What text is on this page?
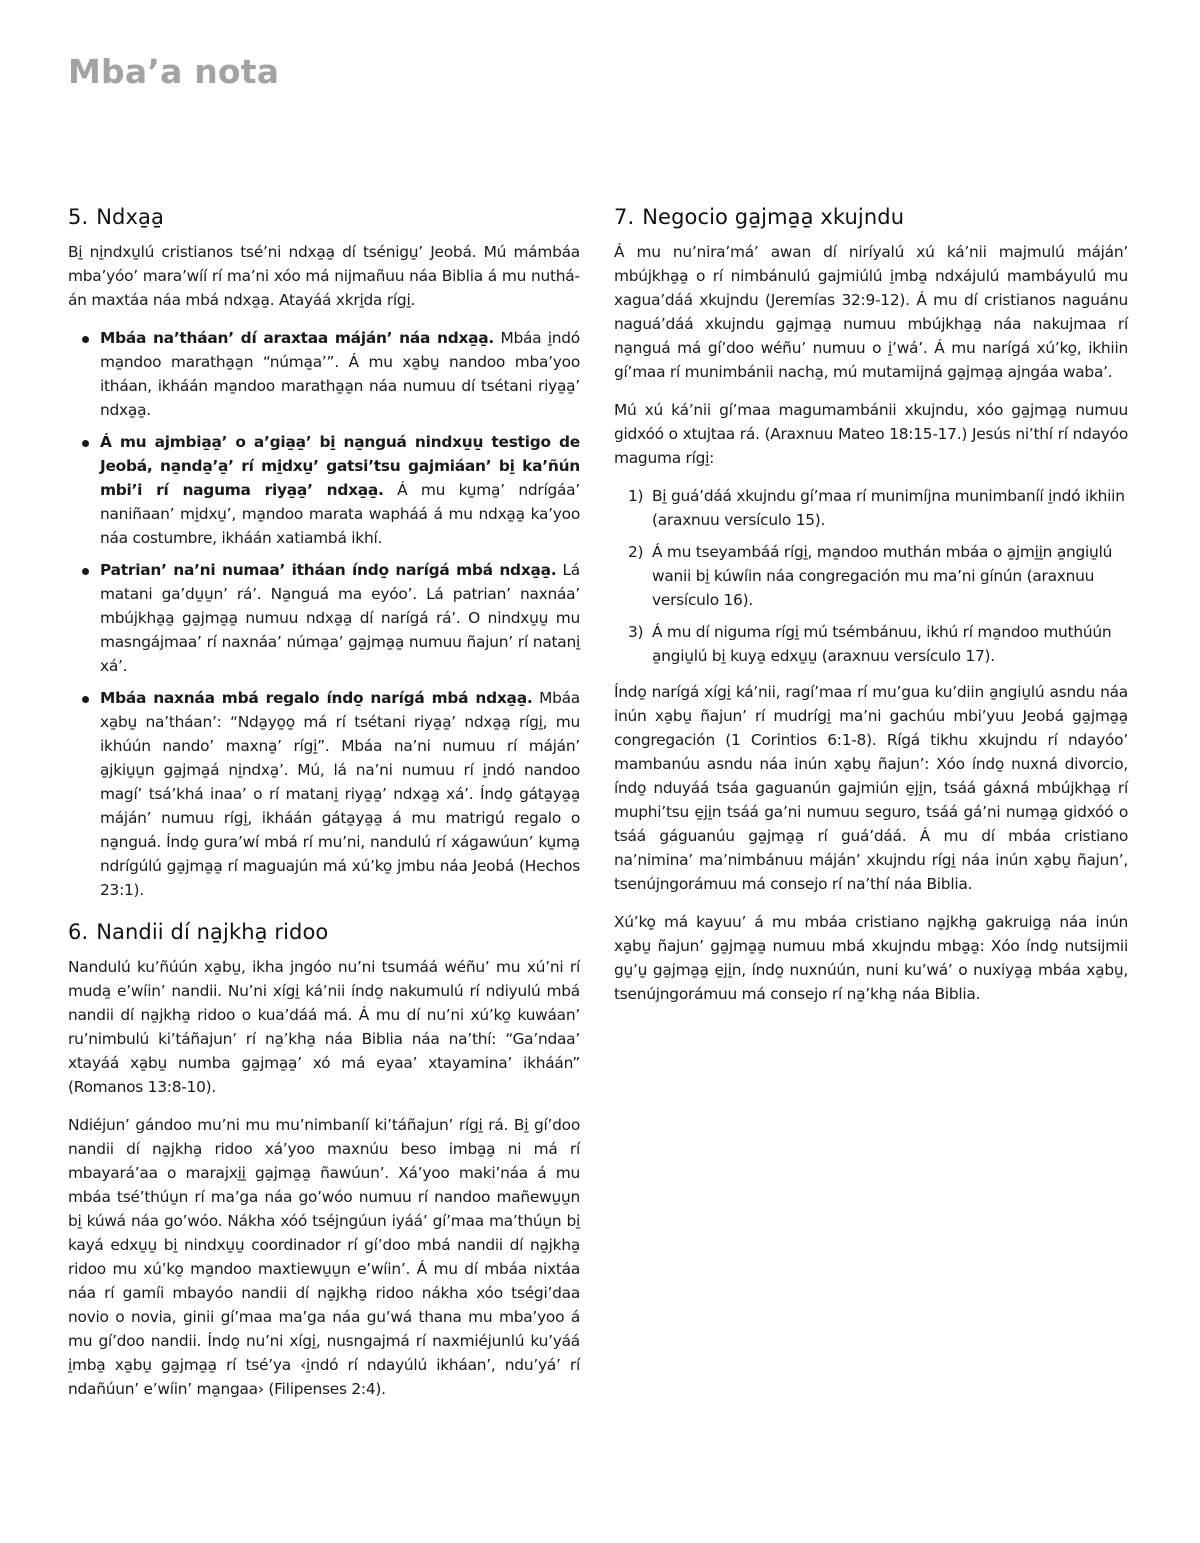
Mba’a nota
5. Ndxa̱a̱

Bi̱ ni̱ndxu̱lú cristianos tsé’ni ndxa̱a̱ dí tsénigu̱’ Jeobá. Mú mámbáa mba’yóo’ mara’wíí rí ma’ni xóo má nijmañuu náa Biblia á mu nutháán maxtáa náa mbá ndxa̱a̱. Atayáá xkri̱da rígi̱.

Mbáa na’tháan’ dí araxtaa máján’ náa ndxa̱a̱. Mbáa i̱ndó ma̱ndoo maratha̱a̱n “númа̱a’”. Á mu xa̱bu̱ nandoo mba’yoo itháan, ikháán ma̱ndoo maratha̱a̱n náa numuu dí tsétani riya̱a̱’ ndxa̱a̱.
Á mu ajmbia̱a̱’ o a’gia̱a̱’ bi̱ na̱nguá nindxu̱u̱ testigo de Jeobá, na̱nda̱’a̱’ rí mi̱dxu̱’ gatsi’tsu gajmiáan’ bi̱ ka’ñún mbi’i rí naguma riya̱a̱’ ndxa̱a̱. Á mu ku̱ma̱’ ndrígáa’ naniñaan’ mi̱dxu̱’, ma̱ndoo marata wapháá á mu ndxa̱a̱ ka’yoo náa costumbre, ikháán xatiambá ikhí.
Patrian’ na’ni numaa’ itháan índo̱ narígá mbá ndxa̱a̱. Lá matani ga’du̱u̱n’ rá’. Na̱nguá ma eyóo’. Lá patrian’ naxnáa’ mbújkha̱a̱ ga̱jma̱a̱ numuu ndxa̱a̱ dí narígá rá’. O nindxu̱u̱ mu masngájmaa’ rí naxnáa’ númа̱a’ ga̱jma̱a̱ numuu ñajun’ rí natani̱ xá’.
Mbáa naxnáa mbá regalo índo̱ narígá mbá ndxa̱a̱. Mbáa xa̱bu̱ na’tháan’: “Nda̱yo̱o̱ má rí tsétani riya̱a̱’ ndxa̱a̱ rígi̱, mu ikhúún nando’ maxna̱’ rígi̱”. Mbáa na’ni numuu rí máján’ a̱jkiu̱u̱n ga̱jma̱á ni̱ndxa̱’. Mú, lá na’ni numuu rí i̱ndó nandoo magí’ tsá’khá inaa’ o rí matani̱ riya̱a̱’ ndxa̱a̱ xá’. Índo̱ gáta̱ya̱a̱ máján’ numuu rígi̱, ikháán gáta̱ya̱a̱ á mu matrigú regalo o na̱nguá. Índo̱ gura’wí mbá rí mu’ni, nandulú rí xágawúun’ ku̱ma̱ ndrígúlú ga̱jma̱a̱ rí maguajún má xú’ko̱ jmbu náa Jeobá (Hechos 23:1).
6. Nandii dí na̱jkha̱ ridoo

Nandulú ku’ñúún xa̱bu̱, ikha jngóo nu’ni tsumáá wéñu’ mu xú’ni rí mudа̱ e’wíin’ nandii. Nu’ni xígi̱ ká’nii índo̱ nakumulú rí ndiyulú mbá nandii dí na̱jkha̱ ridoo o kua’dáá má. Á mu dí nu’ni xú’ko̱ kuwáan’ ru’nimbulú ki’táñajun’ rí na̱’kha̱ náa Biblia náa na’thí: “Ga’ndaa’ xtayáá xa̱bu̱ numba ga̱jma̱a̱’ xó má eyaa’ xtayamina’ ikháán” (Romanos 13:8-10).

Ndiéjun’ gándoo mu’ni mu mu’nimbaníí ki’táñajun’ rígi̱ rá. Bi̱ gí’doo nandii dí na̱jkha̱ ridoo xá’yoo maxnúu beso imba̱a̱ ni má rí mbayará’aa o marajxi̱i̱ ga̱jma̱a̱ ñawúun’. Xá’yoo maki’náa á mu mbáa tsé’thúu̱n rí ma’ga náa go’wóo numuu rí nandoo mañewu̱u̱n bi̱ kúwá náa go’wóo. Nákha xóó tséjngúun iyáá’ gí’maa ma’thúu̱n bi̱ kayá edxu̱u̱ bi̱ nindxu̱u̱ coordinador rí gí’doo mbá nandii dí na̱jkha̱ ridoo mu xú’ko̱ ma̱ndoo maxtiewu̱u̱n e’wíin’. Á mu dí mbáa nixtáa náa rí gamíi mbayóo nandii dí na̱jkha̱ ridoo nákha xóo tségi’daa novio o novia, ginii gí’maa ma’ga náa gu’wá thana mu mba’yoo á mu gí’doo nandii. Índo̱ nu’ni xígi̱, nusngajmá rí naxmiéjunlú ku’yáá i̱mba̱ xa̱bu̱ ga̱jma̱a̱ rí tsé’ya ‹i̱ndó rí ndayúlú ikháan’, ndu’yá’ rí ndañúun’ e’wíin’ ma̱ngaa› (Filipenses 2:4).

7. Negocio ga̱jma̱a̱ xkujndu

Á mu nu’nira’má’ awan dí niríyalú xú ká’nii majmulú máján’ mbújkha̱a̱ o rí nimbánulú gajmiúlú i̱mba̱ ndxájulú mambáyulú mu xagua’dáá xkujndu (Jeremías 32:9-12). Á mu dí cristianos naguánu naguá’dáá xkujndu ga̱jma̱a̱ numuu mbújkha̱a̱ náa nakujmaa rí na̱nguá má gí’doo wéñu’ numuu o i̱’wá’. Á mu narígá xú’ko̱, ikhiin gí’maa rí munimbánii nacha̱, mú mutamijná ga̱jma̱a̱ ajngáa waba’.

Mú xú ká’nii gí’maa magumambánii xkujndu, xóo ga̱jma̱a̱ numuu gidxóó o xtujtaa rá. (Araxnuu Mateo 18:15-17.) Jesús ni’thí rí ndayóo maguma rígi̱:

1) Bi̱ guá’dáá xkujndu gí’maa rí munimíjna munimbaníí i̱ndó ikhiin (araxnuu versículo 15).
2) Á mu tseyambáá rígi̱, ma̱ndoo muthán mbáa o a̱jmi̱i̱n a̱ngiu̱lú wanii bi̱ kúwíin náa congregación mu ma’ni gínún (araxnuu versículo 16).
3) Á mu dí niguma rígi̱ mú tsémbánuu, ikhú rí ma̱ndoo muthúún a̱ngiu̱lú bi̱ kuya̱ edxu̱u̱ (araxnuu versículo 17).

Índo̱ narígá xígi̱ ká’nii, ragí’maa rí mu’gua ku’diin a̱ngiu̱lú asndu náa inún xa̱bu̱ ñajun’ rí mudrígi̱ ma’ni gachúu mbi’yuu Jeobá ga̱jma̱a̱ congregación (1 Corintios 6:1-8). Rígá tikhu xkujndu rí ndayóo’ mambanúu asndu náa inún xa̱bu̱ ñajun’: Xóo índo̱ nuxná divorcio, índo̱ nduyáá tsáa gaguanún gajmiún e̱ji̱n, tsáá gáxná mbújkha̱a̱ rí muphi’tsu e̱ji̱n tsáá ga’ni numuu seguro, tsáá gá’ni numa̱a̱ gidxóó o tsáá gáguanúu ga̱jma̱a̱ rí guá’dáá. Á mu dí mbáa cristiano na’nimina’ ma’nimbánuu máján’ xkujndu rígi̱ náa inún xa̱bu̱ ñajun’, tsenújngorámuu má consejo rí na’thí náa Biblia.

Xú’ko̱ má kayuu’ á mu mbáa cristiano na̱jkha̱ gakruiga̱ náa inún xa̱bu̱ ñajun’ ga̱jma̱a̱ numuu mbá xkujndu mba̱a̱: Xóo índo̱ nutsijmii gu̱’u̱ ga̱jma̱a̱ e̱ji̱n, índo̱ nuxnúún, nuni ku’wá’ o nuxiya̱a̱ mbáa xa̱bu̱, tsenújngorámuu má consejo rí na̱’kha̱ náa Biblia.
